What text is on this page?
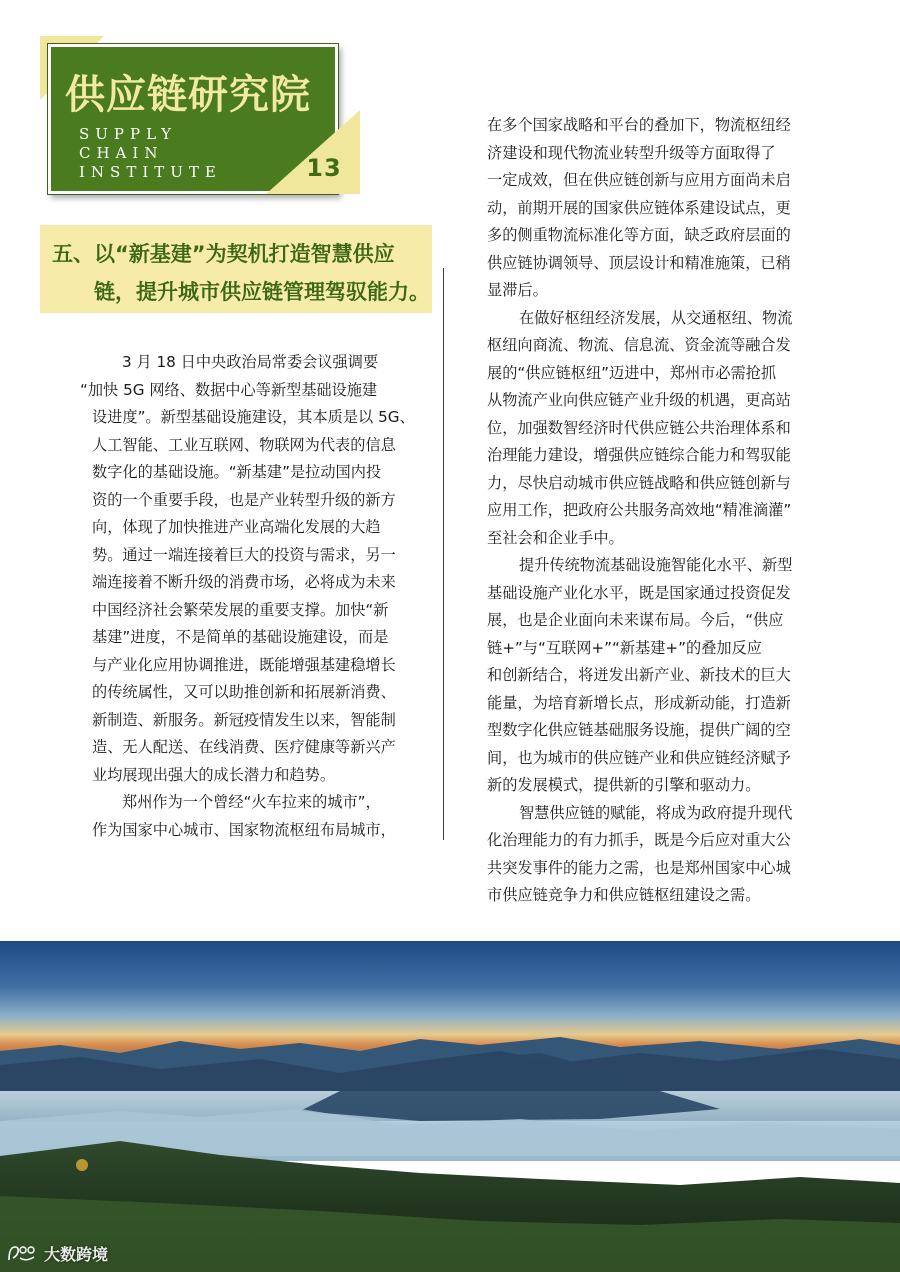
供应链研究院
SUPPLY
CHAIN
INSTITUTE	13
五、以“新基建”为契机打造智慧供应
链，提升城市供应链管理驾驭能力。
3 月 18 日中央政治局常委会议强调要
“加快 5G 网络、数据中心等新型基础设施建
设进度”。新型基础设施建设，其本质是以 5G、
人工智能、工业互联网、物联网为代表的信息
数字化的基础设施。“新基建”是拉动国内投
资的一个重要手段，也是产业转型升级的新方
向，体现了加快推进产业高端化发展的大趋
势。通过一端连接着巨大的投资与需求，另一
端连接着不断升级的消费市场，必将成为未来
中国经济社会繁荣发展的重要支撑。加快“新
基建”进度，不是简单的基础设施建设，而是
与产业化应用协调推进，既能增强基建稳增长
的传统属性，又可以助推创新和拓展新消费、
新制造、新服务。新冠疫情发生以来，智能制
造、无人配送、在线消费、医疗健康等新兴产
业均展现出强大的成长潜力和趋势。
郑州作为一个曾经“火车拉来的城市”，
作为国家中心城市、国家物流枢纽布局城市，
在多个国家战略和平台的叠加下，物流枢纽经
济建设和现代物流业转型升级等方面取得了
一定成效，但在供应链创新与应用方面尚未启
动，前期开展的国家供应链体系建设试点，更
多的侧重物流标准化等方面，缺乏政府层面的
供应链协调领导、顶层设计和精准施策，已稍
显滞后。
在做好枢纽经济发展，从交通枢纽、物流
枢纽向商流、物流、信息流、资金流等融合发
展的“供应链枢纽”迈进中，郑州市必需抢抓
从物流产业向供应链产业升级的机遇，更高站
位，加强数智经济时代供应链公共治理体系和
治理能力建设，增强供应链综合能力和驾驭能
力，尽快启动城市供应链战略和供应链创新与
应用工作，把政府公共服务高效地“精准滴灌”
至社会和企业手中。
提升传统物流基础设施智能化水平、新型
基础设施产业化水平，既是国家通过投资促发
展，也是企业面向未来谋布局。今后，“供应
链+”与“互联网+”“新基建+”的叠加反应
和创新结合，将迸发出新产业、新技术的巨大
能量，为培育新增长点，形成新动能，打造新
型数字化供应链基础服务设施，提供广阔的空
间，也为城市的供应链产业和供应链经济赋予
新的发展模式，提供新的引擎和驱动力。
智慧供应链的赋能，将成为政府提升现代
化治理能力的有力抓手，既是今后应对重大公
共突发事件的能力之需，也是郑州国家中心城
市供应链竞争力和供应链枢纽建设之需。
大数跨境
